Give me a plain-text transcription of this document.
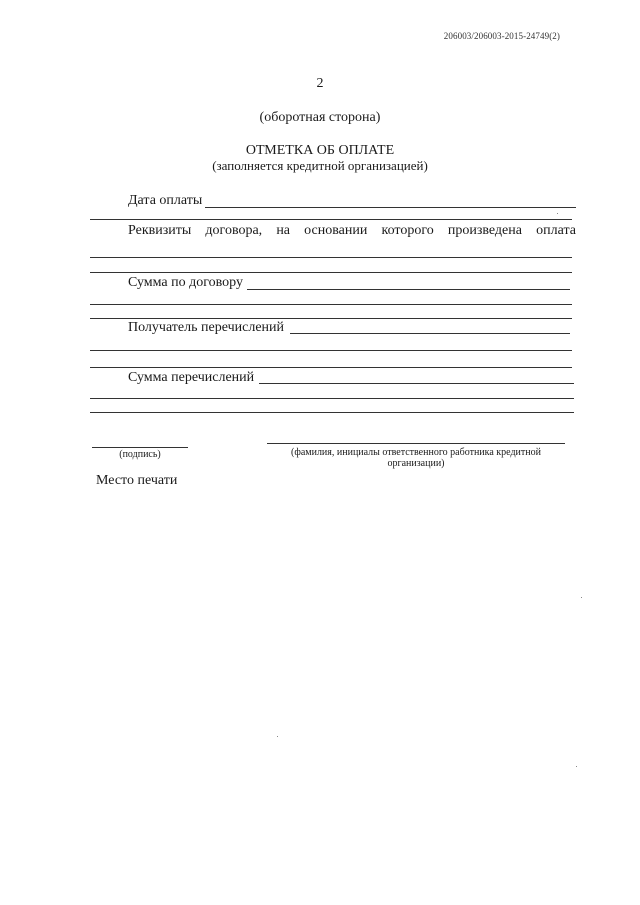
206003/206003-2015-24749(2)
2
(оборотная сторона)
ОТМЕТКА ОБ ОПЛАТЕ
(заполняется кредитной организацией)
Дата оплаты
Реквизиты договора, на основании которого произведена оплата
Сумма по договору
Получатель перечислений
Сумма перечислений
(подпись)	(фамилия, инициалы ответственного работника кредитной
организации)
Место печати
